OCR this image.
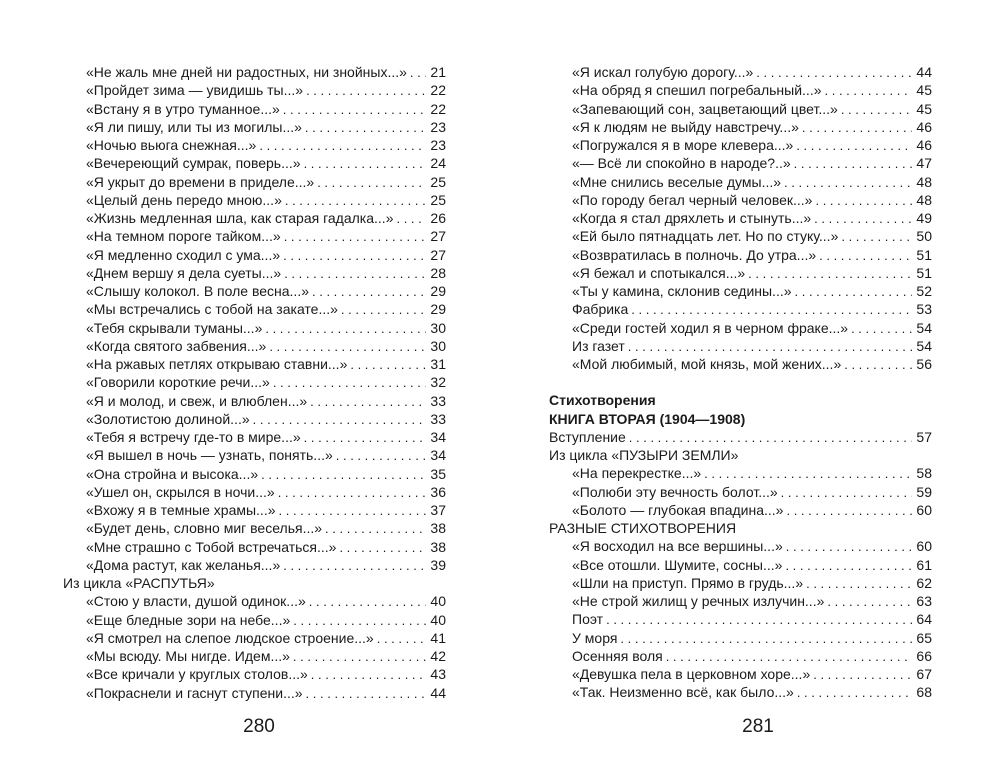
«Не жаль мне дней ни радостных, ни знойных...» . . . 21
«Пройдет зима — увидишь ты...» . . .	22
«Встану я в утро туманное...» . . .	22
«Я ли пишу, или ты из могилы...» . . .	23
«Ночью вьюга снежная...» . . .	23
«Вечереющий сумрак, поверь...» . . .	24
«Я укрыт до времени в приделе...» . . .	25
«Целый день передо мною...» . . .	25
«Жизнь медленная шла, как старая гадалка...» . . .	26
«На темном пороге тайком...» . . .	27
«Я медленно сходил с ума...» . . .	27
«Днем вершу я дела суеты...» . . .	28
«Слышу колокол. В поле весна...» . . .	29
«Мы встречались с тобой на закате...» . . .	29
«Тебя скрывали туманы...» . . .	30
«Когда святого забвения...» . . .	30
«На ржавых петлях открываю ставни...» . . .	31
«Говорили короткие речи...» . . .	32
«Я и молод, и свеж, и влюблен...» . . .	33
«Золотистою долиной...» . . .	33
«Тебя я встречу где-то в мире...» . . .	34
«Я вышел в ночь — узнать, понять...» . . .	34
«Она стройна и высока...» . . .	35
«Ушел он, скрылся в ночи...» . . .	36
«Вхожу я в темные храмы...» . . .	37
«Будет день, словно миг веселья...» . . .	38
«Мне страшно с Тобой встречаться...» . . .	38
«Дома растут, как желанья...» . . .	39
Из цикла «РАСПУТЬЯ»
«Стою у власти, душой одинок...» . . .	40
«Еще бледные зори на небе...» . . .	40
«Я смотрел на слепое людское строение...» . . .	41
«Мы всюду. Мы нигде. Идем...» . . .	42
«Все кричали у круглых столов...» . . .	43
«Покраснели и гаснут ступени...» . . .	44
280
«Я искал голубую дорогу...» . . .	44
«На обряд я спешил погребальный...» . . .	45
«Запевающий сон, зацветающий цвет...» . . .	45
«Я к людям не выйду навстречу...» . . .	46
«Погружался я в море клевера...» . . .	46
«— Всё ли спокойно в народе?..» . . .	47
«Мне снились веселые думы...» . . .	48
«По городу бегал черный человек...» . . .	48
«Когда я стал дряхлеть и стынуть...» . . .	49
«Ей было пятнадцать лет. Но по стуку...» . . .	50
«Возвратилась в полночь. До утра...» . . .	51
«Я бежал и спотыкался...» . . .	51
«Ты у камина, склонив седины...» . . .	52
Фабрика . . .	53
«Среди гостей ходил я в черном фраке...» . . .	54
Из газет . . .	54
«Мой любимый, мой князь, мой жених...» . . .	56
Стихотворения
КНИГА ВТОРАЯ (1904—1908)
Вступление . . .	57
Из цикла «ПУЗЫРИ ЗЕМЛИ»
«На перекрестке...» . . .	58
«Полюби эту вечность болот...» . . .	59
«Болото — глубокая впадина...» . . .	60
РАЗНЫЕ СТИХОТВОРЕНИЯ
«Я восходил на все вершины...» . . .	60
«Все отошли. Шумите, сосны...» . . .	61
«Шли на приступ. Прямо в грудь...» . . .	62
«Не строй жилищ у речных излучин...» . . .	63
Поэт . . .	64
У моря . . .	65
Осенняя воля . . .	66
«Девушка пела в церковном хоре...» . . .	67
«Так. Неизменно всё, как было...» . . .	68
281
